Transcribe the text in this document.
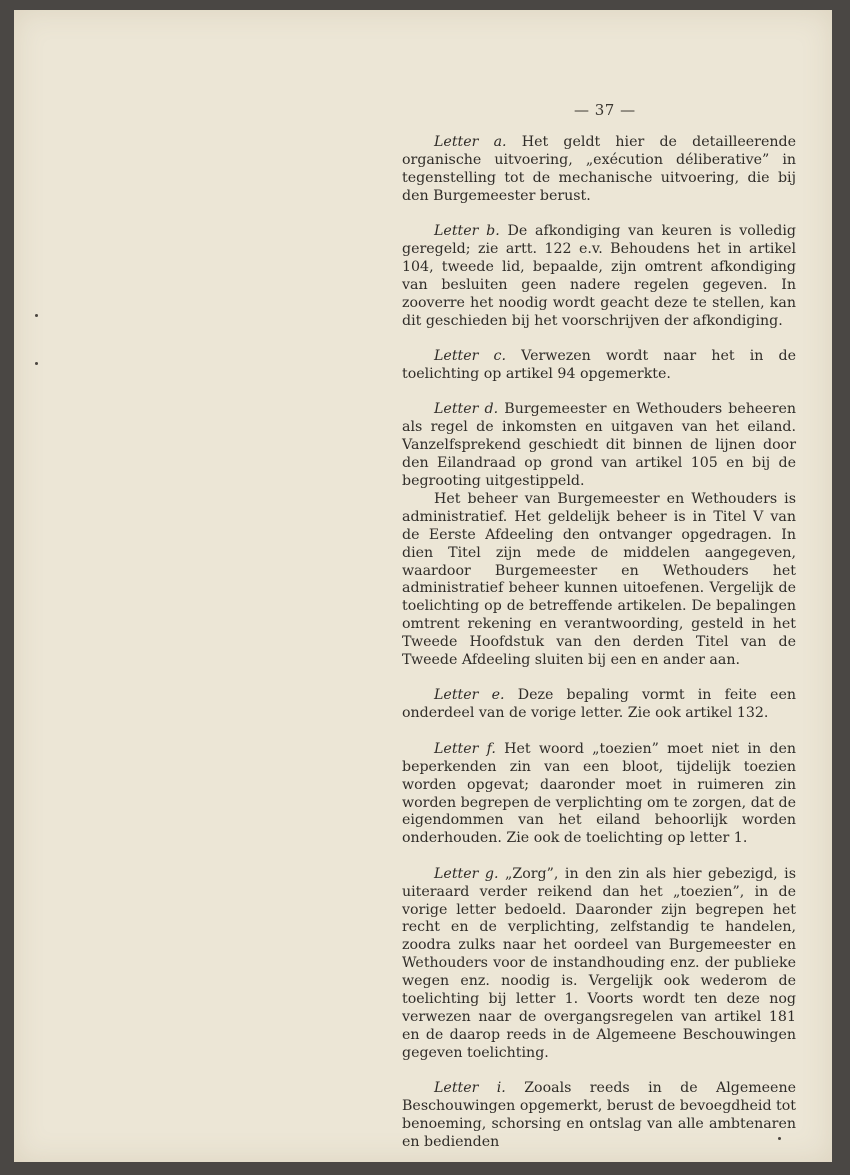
— 37 —

Letter a. Het geldt hier de detailleerende organische uitvoering, „exécution déliberative” in tegenstelling tot de mechanische uitvoering, die bij den Burgemeester berust.

Letter b. De afkondiging van keuren is volledig geregeld; zie artt. 122 e.v. Behoudens het in artikel 104, tweede lid, bepaalde, zijn omtrent afkondiging van besluiten geen nadere regelen gegeven. In zooverre het noodig wordt geacht deze te stellen, kan dit geschieden bij het voorschrijven der afkondiging.

Letter c. Verwezen wordt naar het in de toelichting op artikel 94 opgemerkte.

Letter d. Burgemeester en Wethouders beheeren als regel de inkomsten en uitgaven van het eiland. Vanzelfsprekend geschiedt dit binnen de lijnen door den Eilandraad op grond van artikel 105 en bij de begrooting uitgestippeld.

Het beheer van Burgemeester en Wethouders is administratief. Het geldelijk beheer is in Titel V van de Eerste Afdeeling den ontvanger opgedragen. In dien Titel zijn mede de middelen aangegeven, waardoor Burgemeester en Wethouders het administratief beheer kunnen uitoefenen. Vergelijk de toelichting op de betreffende artikelen. De bepalingen omtrent rekening en verantwoording, gesteld in het Tweede Hoofdstuk van den derden Titel van de Tweede Afdeeling sluiten bij een en ander aan.

Letter e. Deze bepaling vormt in feite een onderdeel van de vorige letter. Zie ook artikel 132.

Letter f. Het woord „toezien” moet niet in den beperkenden zin van een bloot, tijdelijk toezien worden opgevat; daaronder moet in ruimeren zin worden begrepen de verplichting om te zorgen, dat de eigendommen van het eiland behoorlijk worden onderhouden. Zie ook de toelichting op letter 1.

Letter g. „Zorg”, in den zin als hier gebezigd, is uiteraard verder reikend dan het „toezien”, in de vorige letter bedoeld. Daaronder zijn begrepen het recht en de verplichting, zelfstandig te handelen, zoodra zulks naar het oordeel van Burgemeester en Wethouders voor de instandhouding enz. der publieke wegen enz. noodig is. Vergelijk ook wederom de toelichting bij letter 1. Voorts wordt ten deze nog verwezen naar de overgangsregelen van artikel 181 en de daarop reeds in de Algemeene Beschouwingen gegeven toelichting.

Letter i. Zooals reeds in de Algemeene Beschouwingen opgemerkt, berust de bevoegdheid tot benoeming, schorsing en ontslag van alle ambtenaren en bedienden
